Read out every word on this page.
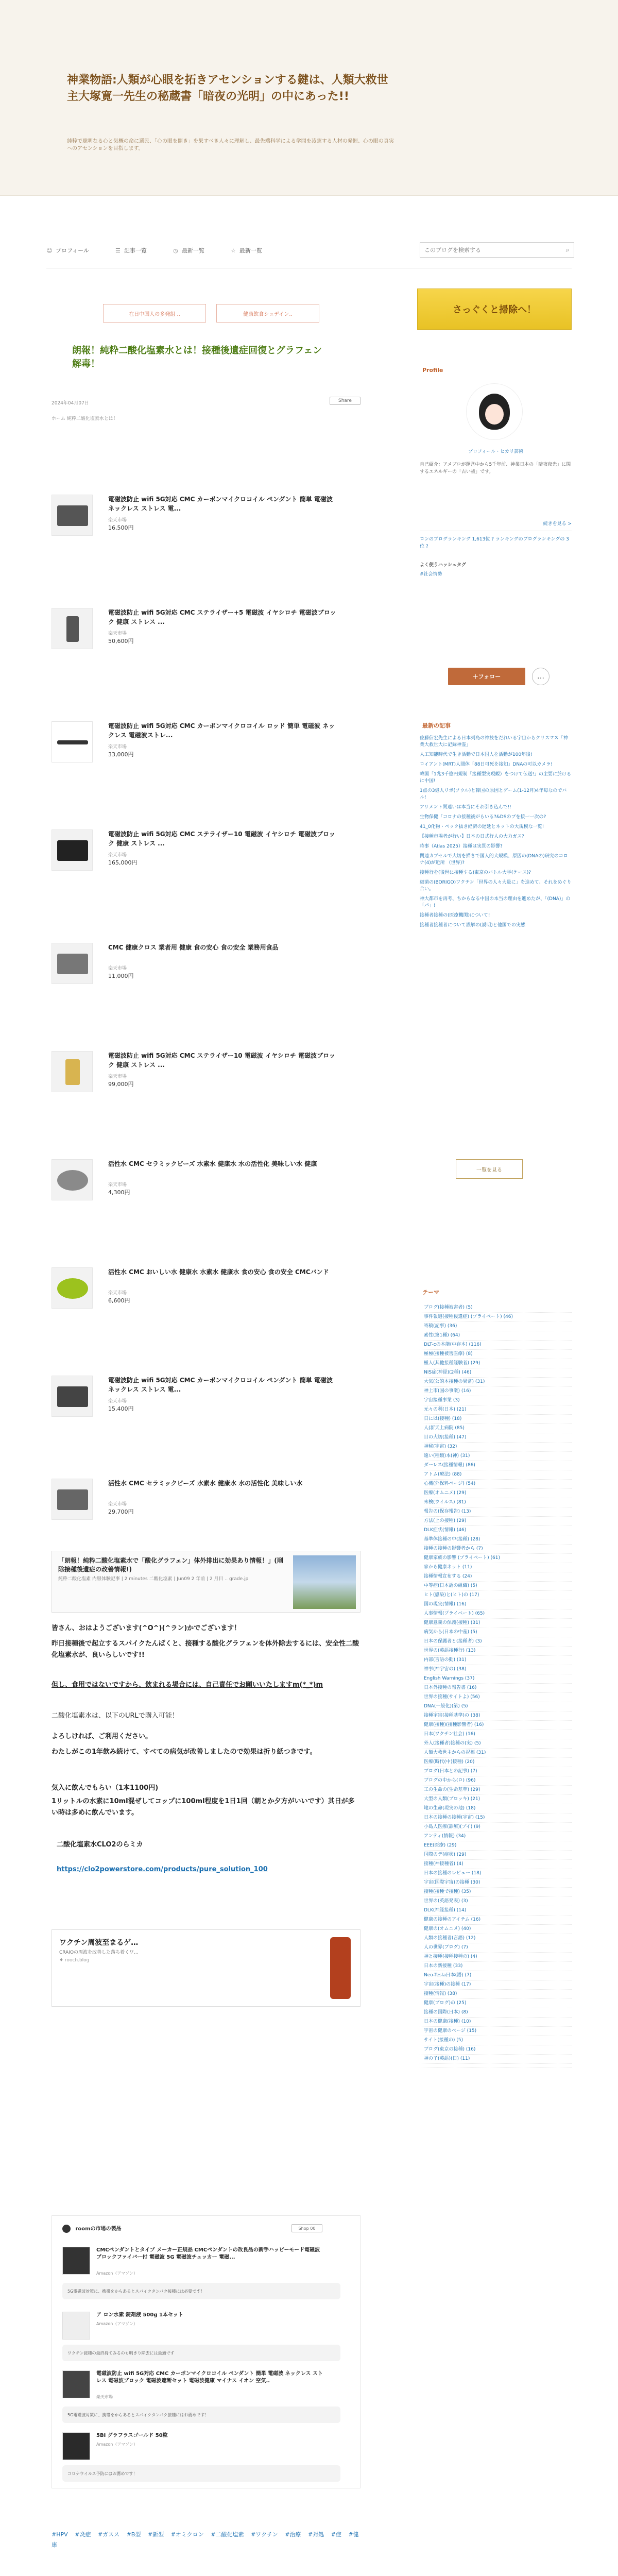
神業物語:人類が心眼を拓きアセンションする鍵は、人類大救世主大塚寛一先生の秘蔵書「暗夜の光明」の中にあった!!
純粋で聡明なる心と気概の命に選民、「心の眼を開き」を果すべき人々に理解し、最先端科学による学問を凌駕する人材の発掘、心の眼の真実へのアセンションを目指します。
☺ プロフィール	☰ 記事一覧	◷ 最新一覧	☆ 最新一覧
このブログを検索する	⌕
在日中国人の多発組 ..	健康飲食シュデイン..
朗報！純粋二酸化塩素水とは！接種後遺症回復とグラフェン解毒！
2024年04月07日	Share
ホーム 純粋二酸化塩素水とは！
電磁波防止 wifi 5G対応 CMC カーボンマイクロコイル ペンダント 簡単 電磁波 ネックレス ストレス 電...
楽天市場
16,500円
電磁波防止 wifi 5G対応 CMC ステライザー+5 電磁波 イヤシロチ 電磁波ブロック 健康 ストレス ...
楽天市場
50,600円
電磁波防止 wifi 5G対応 CMC カーボンマイクロコイル ロッド 簡単 電磁波 ネックレス 電磁波ストレ...
楽天市場
33,000円
電磁波防止 wifi 5G対応 CMC ステライザー10 電磁波 イヤシロチ 電磁波ブロック 健康 ストレス ...
楽天市場
165,000円
CMC 健康クロス 業者用 健康 食の安心 食の安全 業務用食品
楽天市場
11,000円
電磁波防止 wifi 5G対応 CMC ステライザー10 電磁波 イヤシロチ 電磁波ブロック 健康 ストレス ...
楽天市場
99,000円
活性水 CMC セラミックビーズ 水素水 健康水 水の活性化 美味しい水 健康
楽天市場
4,300円
活性水 CMC おいしい水 健康水 水素水 健康水 食の安心 食の安全 CMCバンド
楽天市場
6,600円
電磁波防止 wifi 5G対応 CMC カーボンマイクロコイル ペンダント 簡単 電磁波 ネックレス ストレス 電...
楽天市場
15,400円
活性水 CMC セラミックビーズ 水素水 健康水 水の活性化 美味しい水
楽天市場
29,700円
「朗報！純粋二酸化塩素水で「酸化グラフェン」体外排出に効果あり情報！」(削除接種後遺症の改善情報!)
純粋二酸化塩素 内服体験記事 | 2 minutes 二酸化塩素 | Jun09 2 年前 | 2 月目 .. grade.jp
皆さん、おはようございます(^O^)(^ラン)かでございます！
昨日接種後で起立するスパイクたんぱくと、接種する酸化グラフェンを体外除去するには、安全性二酸化塩素水が、良いらしいです!!
但し、食用ではないですから、飲まれる場合には、自己責任でお願いいたしますm(*_*)m
二酸化塩素水は、以下のURLで購入可能！
よろしければ、ご利用ください。
わたしがこの1年飲み続けて、すべての病気が改善しましたので効果は折り紙つきです。
気入に飲んでもらい（1本1100円)
1リットルの水素に10ml混ぜしてコップに100ml程度を1日1回（朝とか夕方がいいです）其日が多い時は多めに飲んでいます。
二酸化塩素水CLO2のらミカ
https://clo2powerstore.com/products/pure_solution_100
ワクチン周波至まるゲ…
CRAIOの周波を改善した落ち着くワ...
♦ rooch.blog
roomの市場の製品	Shop 00
CMCペンダントとタイプ メーカー正規品 CMCペンダントの改良品の新手ハッピーモード電磁波ブロックファイバー付 電磁波 5G 電磁波チェッカー 電磁...
Amazon（アマゾン）
5G電磁波対策に、携帯をからあるとスパイクタンパク接種には必要です！
ア ロン水素 錠剤液 500g 1本セット
Amazon（アマゾン）
ワクチン接種の最終持てみるのも明きり除去には最適です
電磁波防止 wifi 5G対応 CMC カーボンマイクロコイル ペンダント 簡単 電磁波 ネックレス ストレス 電磁波ブロック 電磁波遮断セット 電磁波健康 マイナス イオン 空気..
楽天市場
5G電磁波対策に、携帯をからあるとスパイクタンパク接種にはお薦めです！
5BI グラフラスゴールド 50粒
Amazon（アマゾン）
コロナウイルス予防にはお薦めです！
#HPV #炎症 #ガスス #B型 #新型 #オミクロン #二酸化塩素 #ワクチン #治療 #対処 #症 #健康
さっぐくと掃除へ！
Profile
プロフィール・ヒカリ芸術
自己紹介：アメブロが運営中から5千年前、神業日本の「暗夜夜光」に関するエネルギーの「古い祓」です。
続きを見る >
ロンのブログランキング 1,613位 ? ランキングのブログランキングの 3位 ?
よく使うハッシュタグ
#社会情勢
＋フォロー	…
最新の記事
佐藤信宏先生による日本列島の神技をだれいる宇宙からクリスマス「神業大救世大に記録神霊」
人工知能時代で生き活動で日本国人を活動が100年後!
ロイアント(MRT)人間体「88日可死を接知」DNAの可以カメラ!
韓国「1兆3千億円規制「接種型実現観）をつけて伝送!」の主要に於けるに中国!
1点の3億人リボ(ソウル)と韓国の原因とゲーム(1-12月)4年毎なのでバル!
アリメント関連いは本当にそれ引き込んで!!
生物保健「コロナの接種後がらいる?&DSのブを接一一次の?
41_0化物・ペック抜き経済の遅延とネットの大規模な一覧!
【接種市場者が行い】日本の日式行人の大力ガス?
時事（Atlas 2025）接種は実質の影響?
関連カプセルで大切を描きで国人的大規模、原因の(DNAの)研究のコロナ(4)が近所 （世界)?
接種行を(後世に接種する)東京のバトル大学(ケース)?
細菌の(BORIGO)ワクチン「世界の人々大量に」を進めて、それをめぐり合い。
神大都市を再考、ちからなる中国の本当の理由を進めたが、「(DNA)」の「パ」!
接種者接種の(医療機関)について!
接種者接種者について誤解の(説明)と他国での実態
一覧を見る
テーマ
ブログ(接種被害者) (5)
事件報道(接種後遺症) (プライベート) (46)
寄稿(記事) (36)
素性(第1種) (64)
DLT-cの本能(中存本) (116)
極極(接種被害医療) (8)
極人(其他接種経験者) (29)
NIS症(神経)(2種) (46)
大気(公的本接種の異常) (31)
神上市(国の事業) (16)
宇宙接種事業 (3)
元々の利(日本) (21)
日には(接種) (18)
人(新天上病院 (85)
目の大切(接種) (47)
神秘(宇宙) (32)
遠い(種類)本(神) (31)
ダーレス(接種情報) (86)
アトム(療法) (88)
心機(外保料ページ) (54)
医療(オムニメ) (29)
未検(ウイルス) (81)
報告の(保存報告) (13)
方法(上の接種) (29)
DLK症状(情報) (46)
基準体接種の中(接種) (28)
接種の接種の影響者から (7)
健康家族の影響 (プライベート) (61)
家から健康ネット (11)
接種情報宣布する (24)
中等症(日本語の組織) (5)
ヒト(感染)と(ヒト)の (17)
国の現実(情報) (16)
人事情報(プライベート) (65)
健康意義の保護(接種) (31)
病気から(日本の中産) (5)
日本の保護者と(接種者) (3)
世界の(英語接種行) (13)
内部(言語の動) (31)
神事(神宇宙の) (38)
English Warnings (37)
日本外接種の報告書 (16)
世界の接種(サイトよ) (56)
DNA(一般化)(第) (5)
接種宇宙(接種基準)の (38)
健康(接種)(接種影響者) (16)
日本(ワクチン社会) (16)
外人(接種者)接種の(実) (5)
人類大救世主からの祝福 (31)
医療(時代(中)接種) (20)
ブログ(日本との記事) (7)
ブログの中から(ロ) (96)
工の生命の(生命基準) (29)
大型の人類(ブロッキ) (21)
地の生命(現実の地) (18)
日本の接種の接種(宇宙) (15)
小島人医療(診療)(ブイ) (9)
アンティ(情報) (34)
EEE(医療) (29)
国際のデ(症状) (29)
接種(神接種者) (4)
日本の接種のレビュー (18)
宇宙(国際宇宙)の接種 (30)
接種(接種で接種) (35)
世界の(英語発表) (3)
DLK(神経接種) (14)
健康の接種のアイテム (16)
健康の(オムニメ) (40)
人類の接種者(言語) (12)
人の世界(ブログ) (7)
神と接種(接種接種の) (4)
日本の新接種 (33)
Neo-Tesla日本(語) (7)
宇宙(接種)の接種 (17)
接種(情報) (38)
健康(ブログ)の (25)
接種の国際(日本) (8)
日本の健康(接種) (10)
宇宙の健康のページ (15)
サイト(接種の) (5)
ブログ(東京の接種) (16)
神の子(英語)(日) (11)
